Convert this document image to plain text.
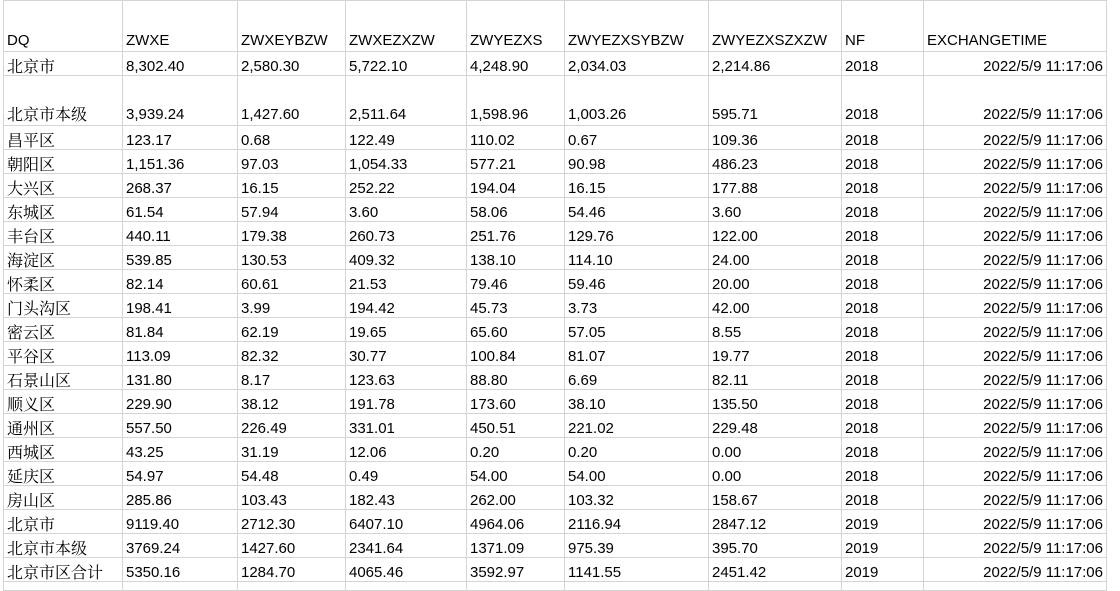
DQ	ZWXE	ZWXEYBZW	ZWXEZXZW	ZWYEZXS	ZWYEZXSYBZW	ZWYEZXSZXZW	NF	EXCHANGETIME
北京市	8,302.40	2,580.30	5,722.10	4,248.90	2,034.03	2,214.86	2018	2022/5/9 11:17:06
北京市本级	3,939.24	1,427.60	2,511.64	1,598.96	1,003.26	595.71	2018	2022/5/9 11:17:06
昌平区	123.17	0.68	122.49	110.02	0.67	109.36	2018	2022/5/9 11:17:06
朝阳区	1,151.36	97.03	1,054.33	577.21	90.98	486.23	2018	2022/5/9 11:17:06
大兴区	268.37	16.15	252.22	194.04	16.15	177.88	2018	2022/5/9 11:17:06
东城区	61.54	57.94	3.60	58.06	54.46	3.60	2018	2022/5/9 11:17:06
丰台区	440.11	179.38	260.73	251.76	129.76	122.00	2018	2022/5/9 11:17:06
海淀区	539.85	130.53	409.32	138.10	114.10	24.00	2018	2022/5/9 11:17:06
怀柔区	82.14	60.61	21.53	79.46	59.46	20.00	2018	2022/5/9 11:17:06
门头沟区	198.41	3.99	194.42	45.73	3.73	42.00	2018	2022/5/9 11:17:06
密云区	81.84	62.19	19.65	65.60	57.05	8.55	2018	2022/5/9 11:17:06
平谷区	113.09	82.32	30.77	100.84	81.07	19.77	2018	2022/5/9 11:17:06
石景山区	131.80	8.17	123.63	88.80	6.69	82.11	2018	2022/5/9 11:17:06
顺义区	229.90	38.12	191.78	173.60	38.10	135.50	2018	2022/5/9 11:17:06
通州区	557.50	226.49	331.01	450.51	221.02	229.48	2018	2022/5/9 11:17:06
西城区	43.25	31.19	12.06	0.20	0.20	0.00	2018	2022/5/9 11:17:06
延庆区	54.97	54.48	0.49	54.00	54.00	0.00	2018	2022/5/9 11:17:06
房山区	285.86	103.43	182.43	262.00	103.32	158.67	2018	2022/5/9 11:17:06
北京市	9119.40	2712.30	6407.10	4964.06	2116.94	2847.12	2019	2022/5/9 11:17:06
北京市本级	3769.24	1427.60	2341.64	1371.09	975.39	395.70	2019	2022/5/9 11:17:06
北京市区合计	5350.16	1284.70	4065.46	3592.97	1141.55	2451.42	2019	2022/5/9 11:17:06
